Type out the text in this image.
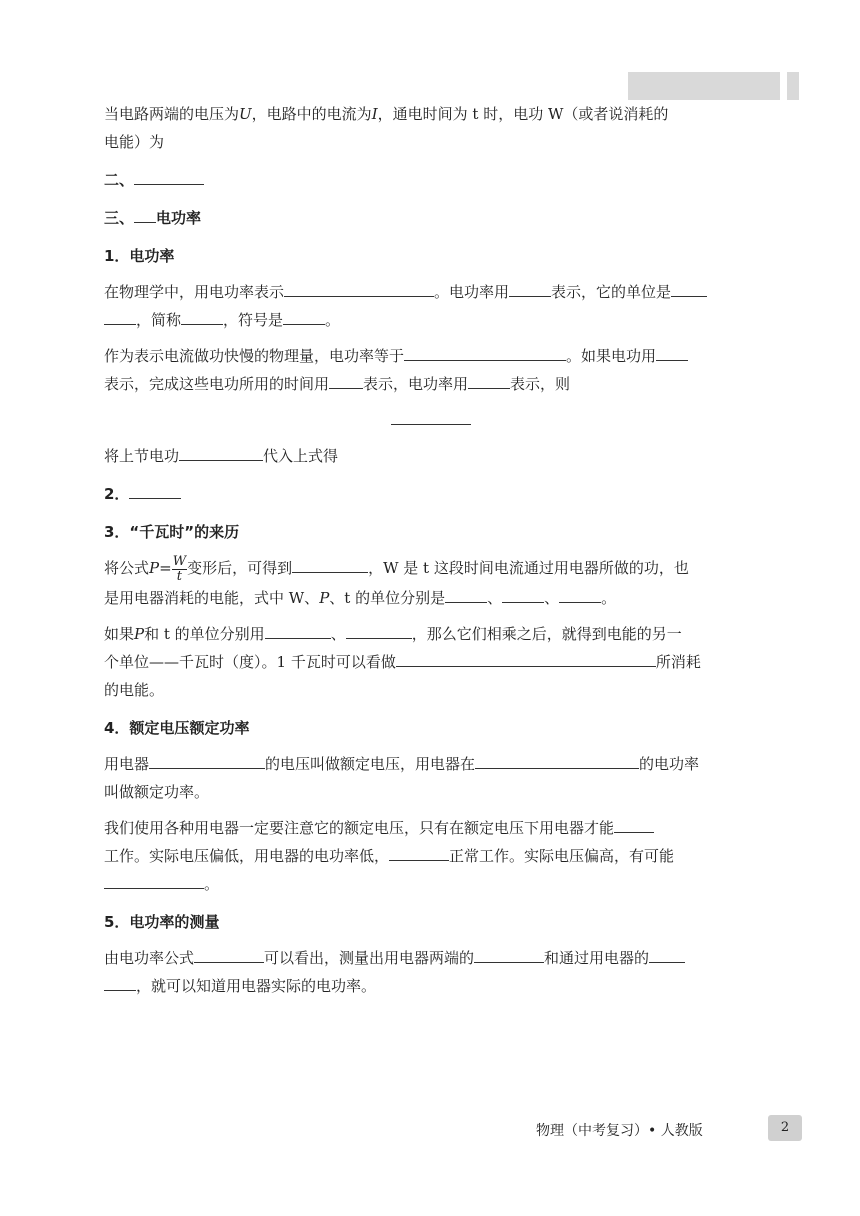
当电路两端的电压为U，电路中的电流为I，通电时间为 t 时，电功 W（或者说消耗的

电能）为

二、

三、 电功率

1．电功率

在物理学中，用电功率表示	。电功率用	表示，它的单位是
，简称	，符号是	。

作为表示电流做功快慢的物理量，电功率等于	。如果电功用
表示，完成这些电功所用的时间用 表示，电功率用	表示，则

将上节电功	代入上式得

2．

3．“千瓦时”的来历

将公式$P= \frac{W}{t}$ 变形后，可得到	，W 是 t 这段时间电流通过用电器所做的功，也
是用电器消耗的电能，式中 W、P、t 的单位分别是	、	、	。

如果P和 t 的单位分别用	、	，那么它们相乘之后，就得到电能的另一
个单位——千瓦时（度）。1 千瓦时可以看做	所消耗
的电能。

4．额定电压额定功率

用电器	的电压叫做额定电压，用电器在	的电功率
叫做额定功率。

我们使用各种用电器一定要注意它的额定电压，只有在额定电压下用电器才能
工作。实际电压偏低，用电器的电功率低，	正常工作。实际电压偏高，有可能
。

5．电功率的测量

由电功率公式	可以看出，测量出用电器两端的	和通过用电器的
，就可以知道用电器实际的电功率。

物理（中考复习）• 人教版	2
